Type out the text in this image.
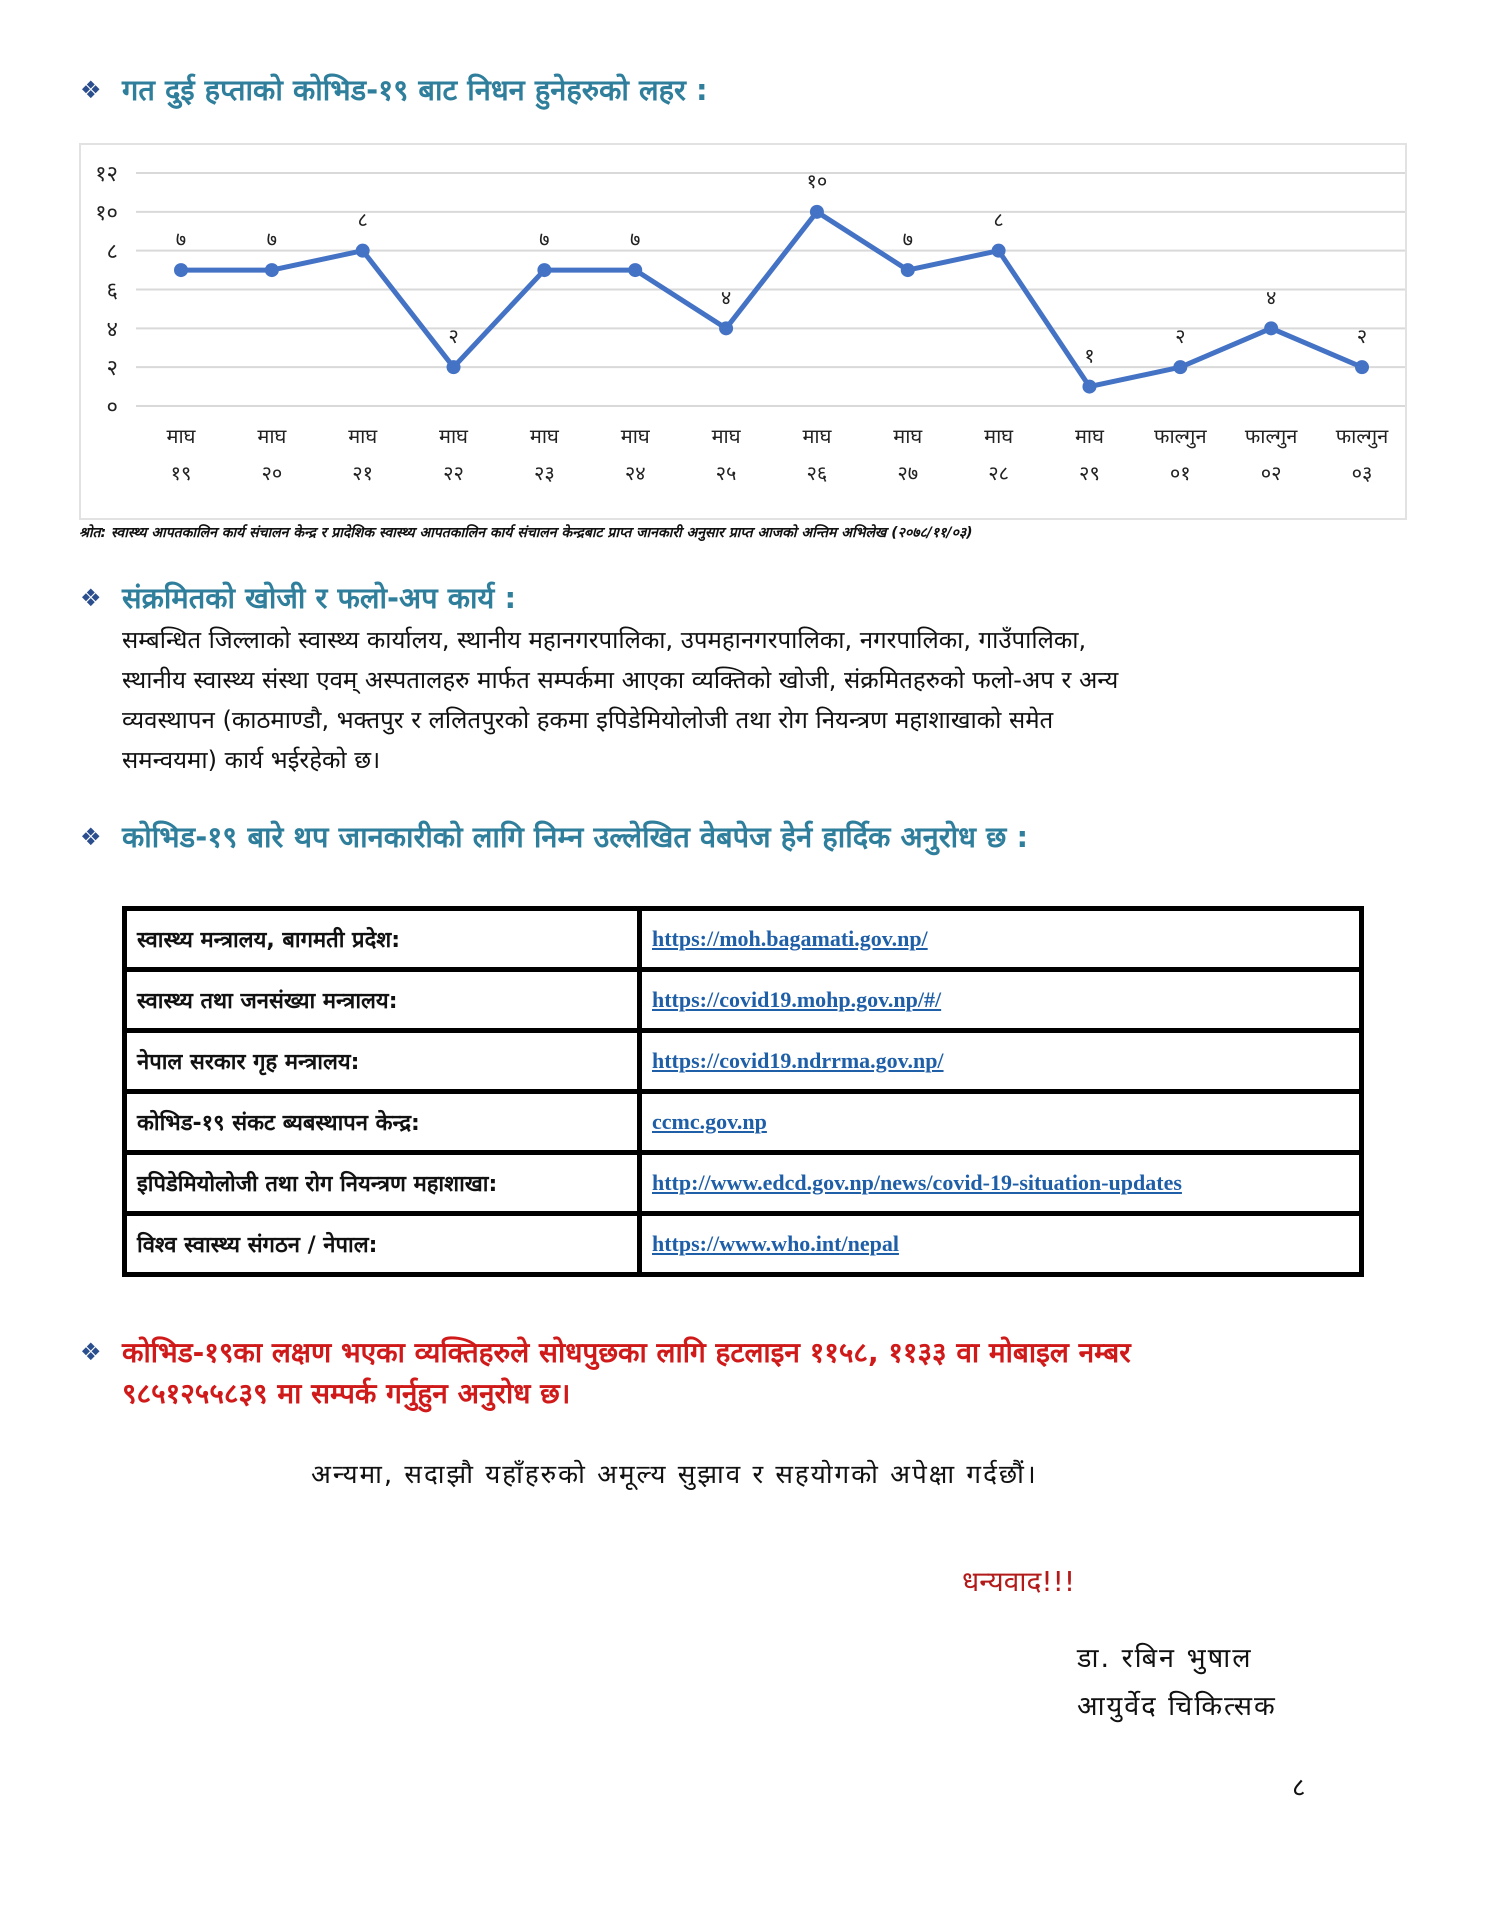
❖ गत दुई हप्ताको कोभिड-१९ बाट निधन हुनेहरुको लहर :
०
२
४
६
८
१०
१२
माघ
१९
माघ
२०
माघ
२१
माघ
२२
माघ
२३
माघ
२४
माघ
२५
माघ
२६
माघ
२७
माघ
२८
माघ
२९
फाल्गुन
०१
फाल्गुन
०२
फाल्गुन
०३
७	७
८
२
७	७
४
१०
७
८
१
२
४
२
श्रोत: स्वास्थ्य आपतकालिन कार्य संचालन केन्द्र र प्रादेशिक स्वास्थ्य आपतकालिन कार्य संचालन केन्द्रबाट प्राप्त जानकारी अनुसार प्राप्त आजको अन्तिम अभिलेख (२०७८/११/०३)
❖ संक्रमितको खोजी र फलो-अप कार्य :
सम्बन्धित जिल्लाको स्वास्थ्य कार्यालय, स्थानीय महानगरपालिका, उपमहानगरपालिका, नगरपालिका, गाउँपालिका,
स्थानीय स्वास्थ्य संस्था एवम् अस्पतालहरु मार्फत सम्पर्कमा आएका व्यक्तिको खोजी, संक्रमितहरुको फलो-अप र अन्य
व्यवस्थापन (काठमाण्डौ, भक्तपुर र ललितपुरको हकमा इपिडेमियोलोजी तथा रोग नियन्त्रण महाशाखाको समेत
समन्वयमा) कार्य भईरहेको छ।
❖ कोभिड-१९ बारे थप जानकारीको लागि निम्न उल्लेखित वेबपेज हेर्न हार्दिक अनुरोध छ :
स्वास्थ्य मन्त्रालय, बागमती प्रदेश:	https://moh.bagamati.gov.np/
स्वास्थ्य तथा जनसंख्या मन्त्रालय:	https://covid19.mohp.gov.np/#/
नेपाल सरकार गृह मन्त्रालय:	https://covid19.ndrrma.gov.np/
कोभिड-१९ संकट ब्यबस्थापन केन्द्र:	ccmc.gov.np
इपिडेमियोलोजी तथा रोग नियन्त्रण महाशाखा:	http://www.edcd.gov.np/news/covid-19-situation-updates
विश्व स्वास्थ्य संगठन / नेपाल:	https://www.who.int/nepal
❖ कोभिड-१९का लक्षण भएका व्यक्तिहरुले सोधपुछका लागि हटलाइन ११५८, ११३३ वा मोबाइल नम्बर
९८५१२५५८३९ मा सम्पर्क गर्नुहुन अनुरोध छ।
अन्यमा, सदाझौ यहाँहरुको अमूल्य सुझाव र सहयोगको अपेक्षा गर्दछौं।
धन्यवाद!!!
डा. रबिन भुषाल
आयुर्वेद चिकित्सक
८
